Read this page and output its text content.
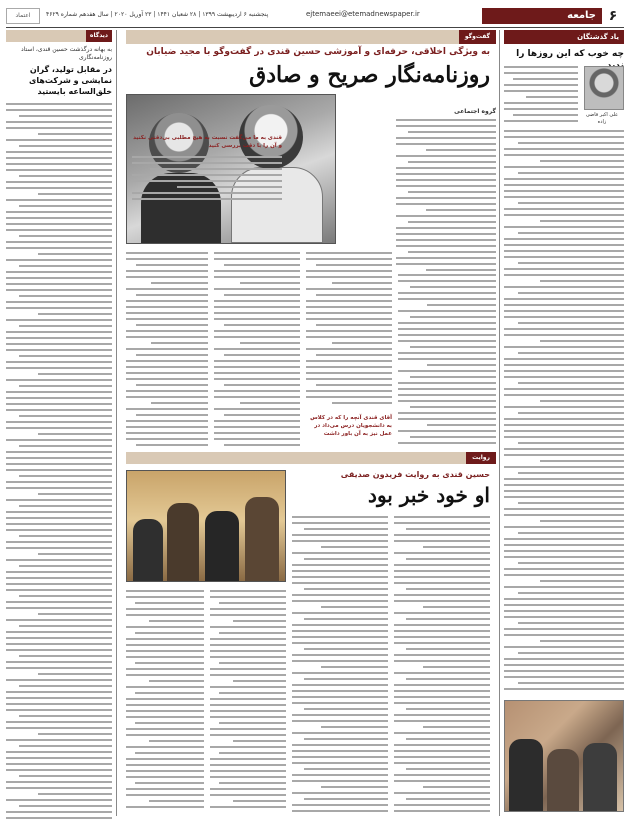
۶
جامعه
ejtemaeei@etemadnewspaper.ir
پنجشنبه ۶ اردیبهشت ۱۳۹۹ | ۲۸ شعبان ۱۴۴۱ | ۲۳ آوریل ۲۰۲۰ | سال هفدهم شماره ۴۶۲۹
اعتماد
یاد گذشتگان
چه خوب که این روزها را
علی اکبر قاضی زاده
گفت‌وگو
به ویژگی اخلاقی، حرفه‌ای و آموزشی حسین قندی در گفت‌وگو با مجید ضیابان
روزنامه‌نگار صریح و صادق
گروه اجتماعی
قندی به ما می‌گفت نسبت به هیچ مطلبی بی‌دقتی نکنید و آن را با دقت بررسی کنید
آقای قندی آنچه را که در کلاس به دانشجویان درس می‌داد در عمل نیز به آن باور داشت
روایت
حسین قندی به روایت فریدون صدیقی
او خود خبر بود
دیدگاه
به بهانه درگذشت حسین قندی، استاد روزنامه‌نگاری
در مقابل تولید، گران نمایشی و شرکت‌های خلق‌الساعه بایستید
